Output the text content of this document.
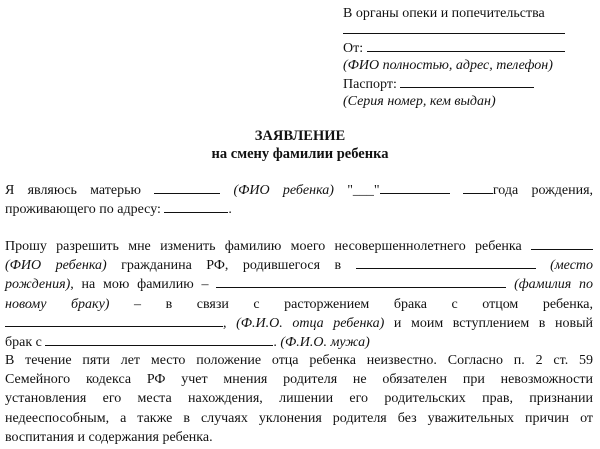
В органы опеки и попечительства
От:
(ФИО полностью, адрес, телефон)
Паспорт:
(Серия номер, кем выдан)
ЗАЯВЛЕНИЕ
на смену фамилии ребенка
Я являюсь матерью	(ФИО ребенка) "___"	год​а рождения,
проживающего по адресу:	.
Прошу разрешить мне изменить фамилию моего несовершеннолетнего ребенка
(ФИО ребенка) гражданина РФ, родившегося в	(место
рождения), на мою фамилию –	(фамилия по
новому браку) – в связи с расторжением брака с отцом ребенка,
, (Ф.И.О. отца ребенка) и моим вступлением в новый
брак с	. (Ф.И.О. мужа)
В течение пяти лет место положение отца ребенка неизвестно. Согласно п. 2 ст. 59
Семейного кодекса РФ учет мнения родителя не обязателен при невозможности
установления его места нахождения, лишении его родительских прав, признании
недееспособным, а также в случаях уклонения родителя без уважительных причин от
воспитания и содержания ребенка.
